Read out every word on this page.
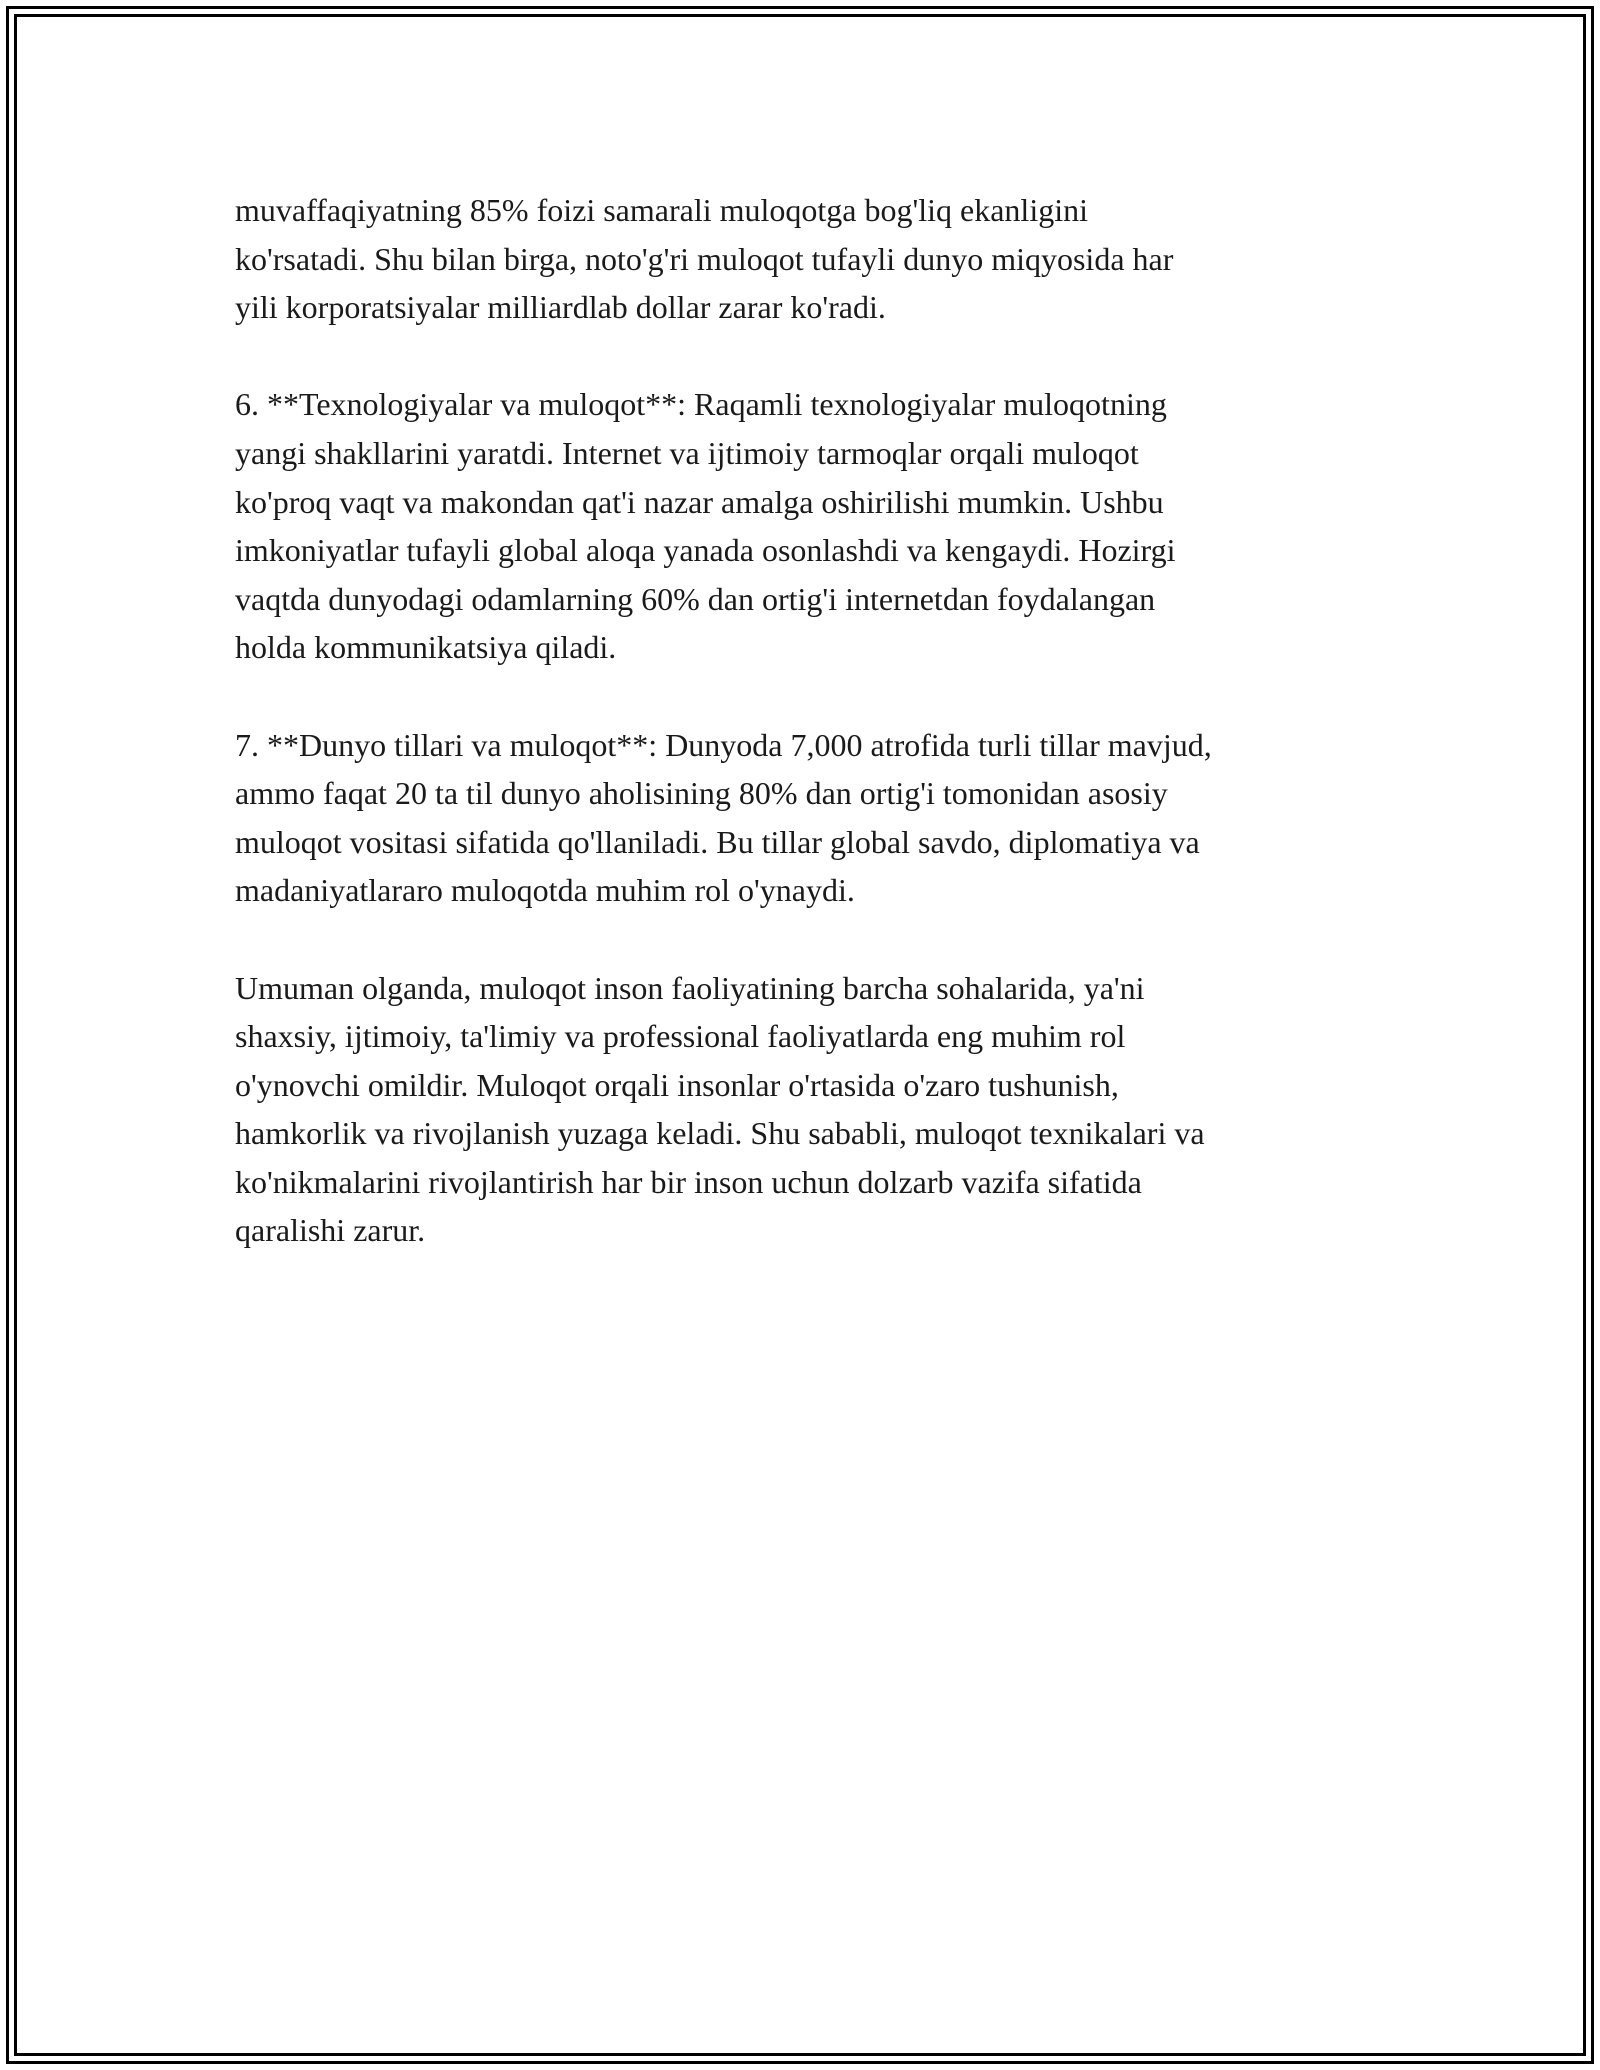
muvaffaqiyatning 85% foizi samarali muloqotga bog'liq ekanligini
ko'rsatadi. Shu bilan birga, noto'g'ri muloqot tufayli dunyo miqyosida har
yili korporatsiyalar milliardlab dollar zarar ko'radi.

6. **Texnologiyalar va muloqot**: Raqamli texnologiyalar muloqotning
yangi shakllarini yaratdi. Internet va ijtimoiy tarmoqlar orqali muloqot
ko'proq vaqt va makondan qat'i nazar amalga oshirilishi mumkin. Ushbu
imkoniyatlar tufayli global aloqa yanada osonlashdi va kengaydi. Hozirgi
vaqtda dunyodagi odamlarning 60% dan ortig'i internetdan foydalangan
holda kommunikatsiya qiladi.

7. **Dunyo tillari va muloqot**: Dunyoda 7,000 atrofida turli tillar mavjud,
ammo faqat 20 ta til dunyo aholisining 80% dan ortig'i tomonidan asosiy
muloqot vositasi sifatida qo'llaniladi. Bu tillar global savdo, diplomatiya va
madaniyatlararo muloqotda muhim rol o'ynaydi.

Umuman olganda, muloqot inson faoliyatining barcha sohalarida, ya'ni
shaxsiy, ijtimoiy, ta'limiy va professional faoliyatlarda eng muhim rol
o'ynovchi omildir. Muloqot orqali insonlar o'rtasida o'zaro tushunish,
hamkorlik va rivojlanish yuzaga keladi. Shu sababli, muloqot texnikalari va
ko'nikmalarini rivojlantirish har bir inson uchun dolzarb vazifa sifatida
qaralishi zarur.
